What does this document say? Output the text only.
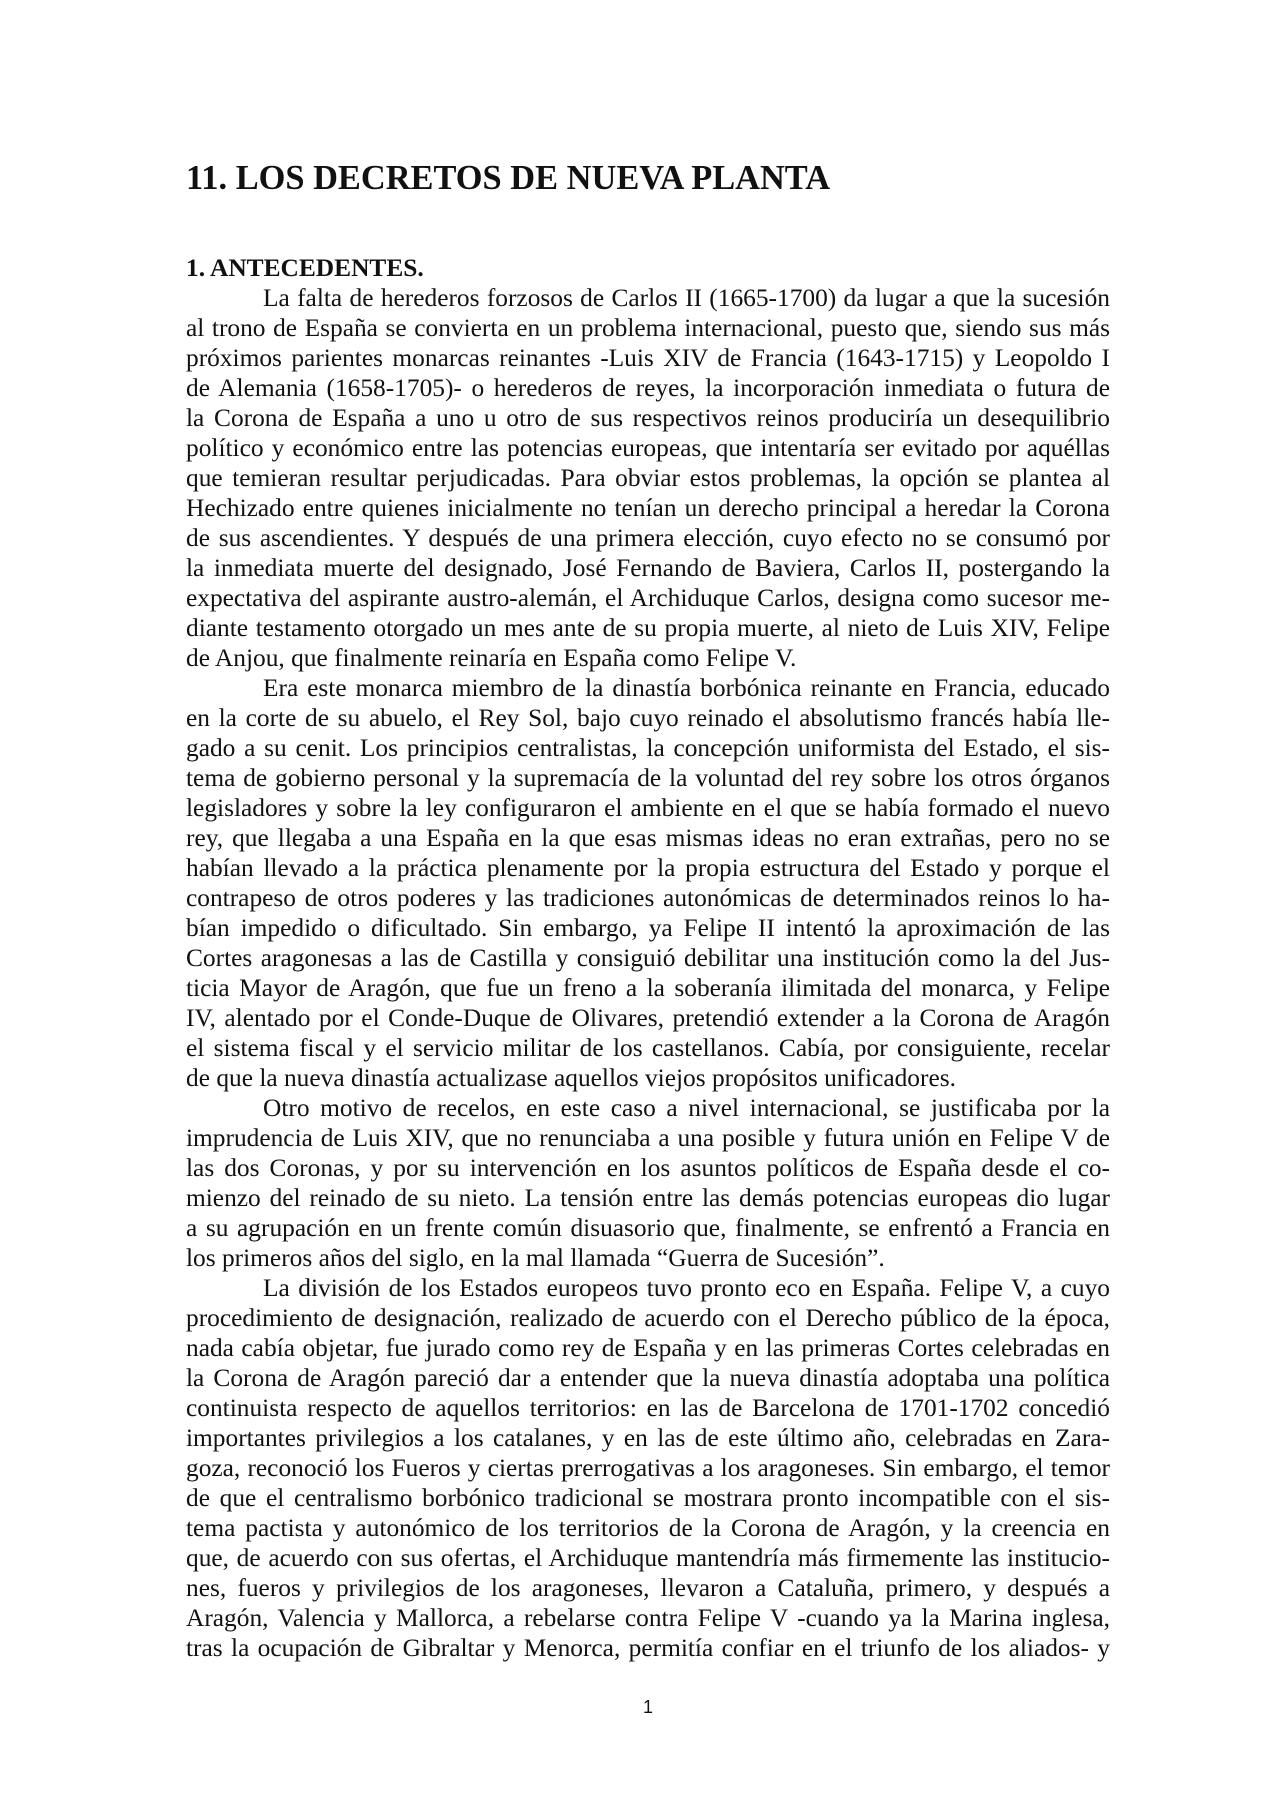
11. LOS DECRETOS DE NUEVA PLANTA
1. ANTECEDENTES.
La falta de herederos forzosos de Carlos II (1665-1700) da lugar a que la sucesión
al trono de España se convierta en un problema internacional, puesto que, siendo sus más
próximos parientes monarcas reinantes -Luis XIV de Francia (1643-1715) y Leopoldo I
de Alemania (1658-1705)- o herederos de reyes, la incorporación inmediata o futura de
la Corona de España a uno u otro de sus respectivos reinos produciría un desequilibrio
político y económico entre las potencias europeas, que intentaría ser evitado por aquéllas
que temieran resultar perjudicadas. Para obviar estos problemas, la opción se plantea al
Hechizado entre quienes inicialmente no tenían un derecho principal a heredar la Corona
de sus ascendientes. Y después de una primera elección, cuyo efecto no se consumó por
la inmediata muerte del designado, José Fernando de Baviera, Carlos II, postergando la
expectativa del aspirante austro-alemán, el Archiduque Carlos, designa como sucesor me-
diante testamento otorgado un mes ante de su propia muerte, al nieto de Luis XIV, Felipe
de Anjou, que finalmente reinaría en España como Felipe V.
Era este monarca miembro de la dinastía borbónica reinante en Francia, educado
en la corte de su abuelo, el Rey Sol, bajo cuyo reinado el absolutismo francés había lle-
gado a su cenit. Los principios centralistas, la concepción uniformista del Estado, el sis-
tema de gobierno personal y la supremacía de la voluntad del rey sobre los otros órganos
legisladores y sobre la ley configuraron el ambiente en el que se había formado el nuevo
rey, que llegaba a una España en la que esas mismas ideas no eran extrañas, pero no se
habían llevado a la práctica plenamente por la propia estructura del Estado y porque el
contrapeso de otros poderes y las tradiciones autonómicas de determinados reinos lo ha-
bían impedido o dificultado. Sin embargo, ya Felipe II intentó la aproximación de las
Cortes aragonesas a las de Castilla y consiguió debilitar una institución como la del Jus-
ticia Mayor de Aragón, que fue un freno a la soberanía ilimitada del monarca, y Felipe
IV, alentado por el Conde-Duque de Olivares, pretendió extender a la Corona de Aragón
el sistema fiscal y el servicio militar de los castellanos. Cabía, por consiguiente, recelar
de que la nueva dinastía actualizase aquellos viejos propósitos unificadores.
Otro motivo de recelos, en este caso a nivel internacional, se justificaba por la
imprudencia de Luis XIV, que no renunciaba a una posible y futura unión en Felipe V de
las dos Coronas, y por su intervención en los asuntos políticos de España desde el co-
mienzo del reinado de su nieto. La tensión entre las demás potencias europeas dio lugar
a su agrupación en un frente común disuasorio que, finalmente, se enfrentó a Francia en
los primeros años del siglo, en la mal llamada “Guerra de Sucesión”.
La división de los Estados europeos tuvo pronto eco en España. Felipe V, a cuyo
procedimiento de designación, realizado de acuerdo con el Derecho público de la época,
nada cabía objetar, fue jurado como rey de España y en las primeras Cortes celebradas en
la Corona de Aragón pareció dar a entender que la nueva dinastía adoptaba una política
continuista respecto de aquellos territorios: en las de Barcelona de 1701-1702 concedió
importantes privilegios a los catalanes, y en las de este último año, celebradas en Zara-
goza, reconoció los Fueros y ciertas prerrogativas a los aragoneses. Sin embargo, el temor
de que el centralismo borbónico tradicional se mostrara pronto incompatible con el sis-
tema pactista y autonómico de los territorios de la Corona de Aragón, y la creencia en
que, de acuerdo con sus ofertas, el Archiduque mantendría más firmemente las institucio-
nes, fueros y privilegios de los aragoneses, llevaron a Cataluña, primero, y después a
Aragón, Valencia y Mallorca, a rebelarse contra Felipe V -cuando ya la Marina inglesa,
tras la ocupación de Gibraltar y Menorca, permitía confiar en el triunfo de los aliados- y
1
